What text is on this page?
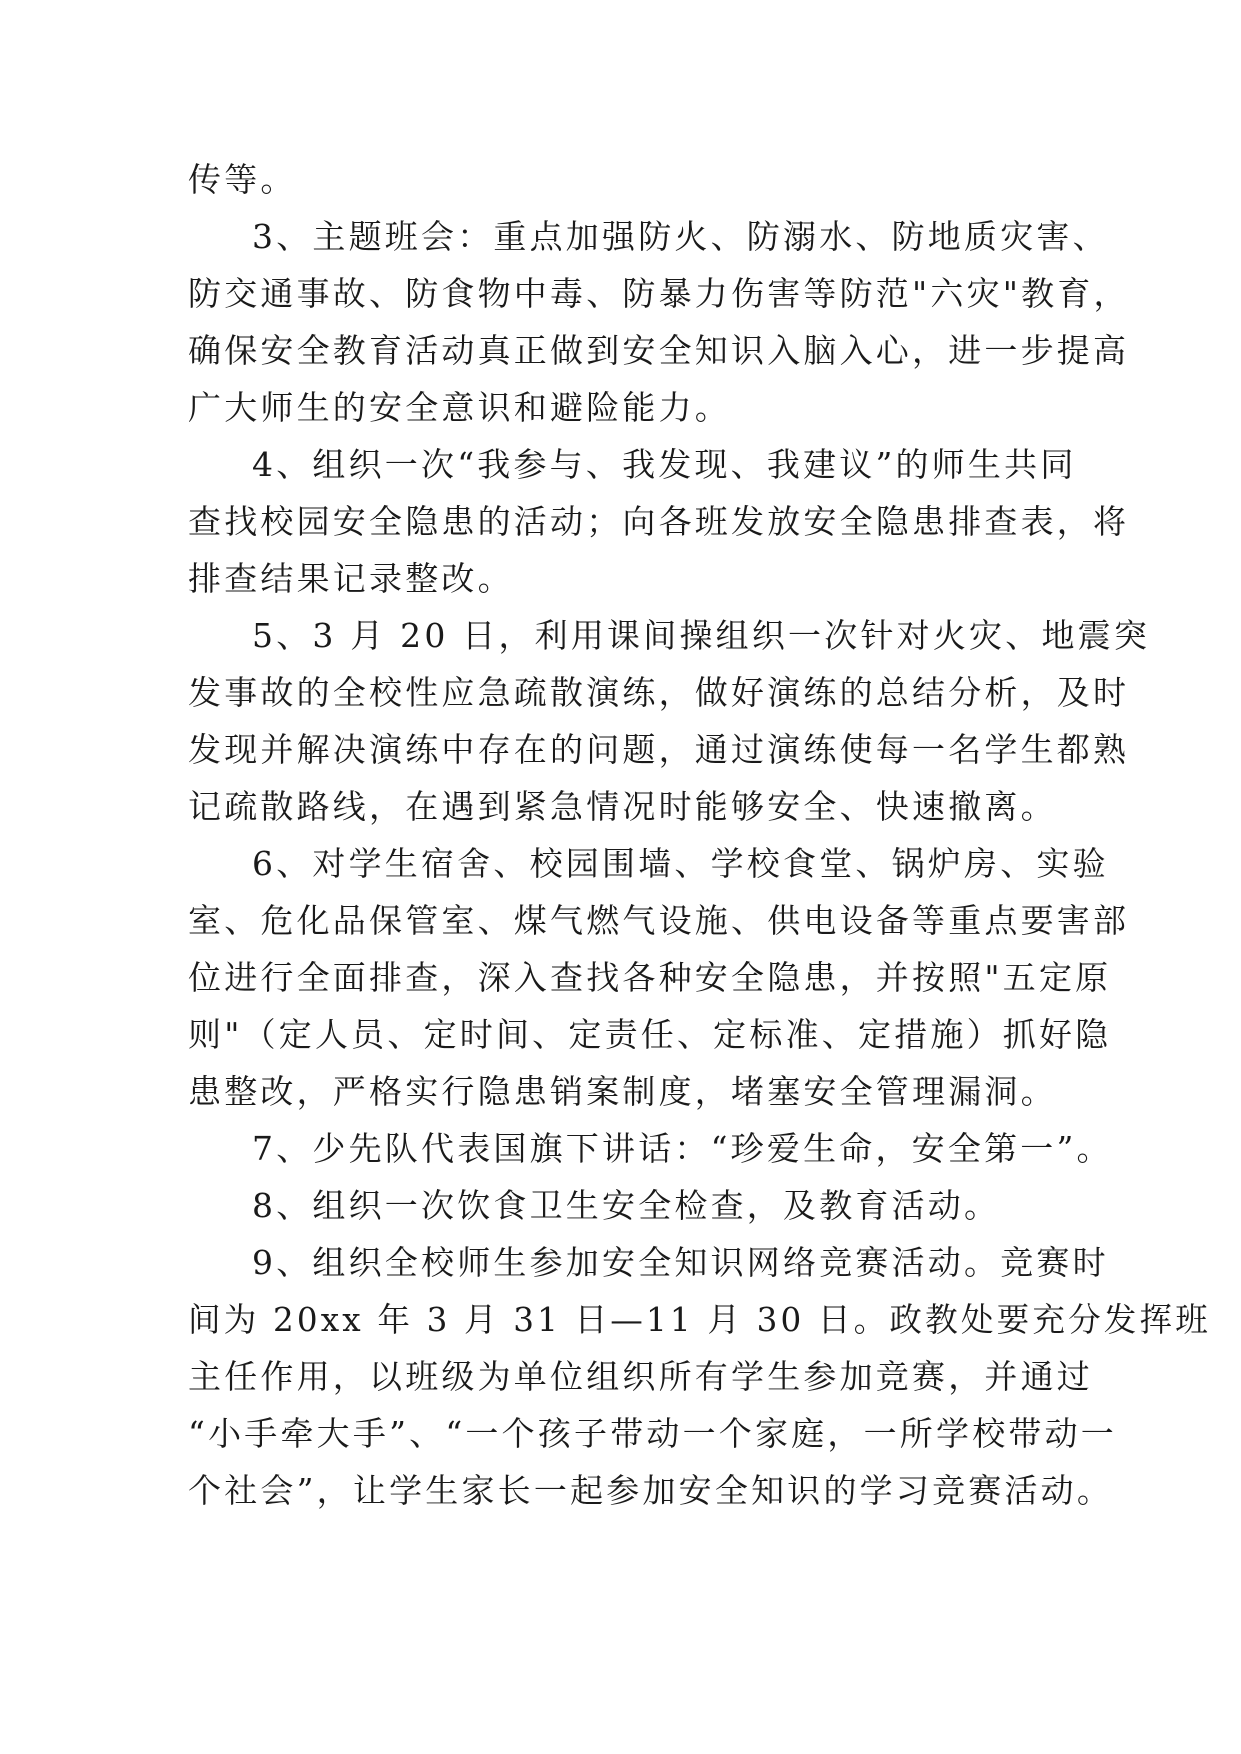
传等。
3、主题班会：重点加强防火、防溺水、防地质灾害、
防交通事故、防食物中毒、防暴力伤害等防范"六灾"教育，
确保安全教育活动真正做到安全知识入脑入心，进一步提高
广大师生的安全意识和避险能力。
4、组织一次“我参与、我发现、我建议”的师生共同
查找校园安全隐患的活动；向各班发放安全隐患排查表，将
排查结果记录整改。
5、3 月 20 日，利用课间操组织一次针对火灾、地震突
发事故的全校性应急疏散演练，做好演练的总结分析，及时
发现并解决演练中存在的问题，通过演练使每一名学生都熟
记疏散路线，在遇到紧急情况时能够安全、快速撤离。
6、对学生宿舍、校园围墙、学校食堂、锅炉房、实验
室、危化品保管室、煤气燃气设施、供电设备等重点要害部
位进行全面排查，深入查找各种安全隐患，并按照"五定原
则"（定人员、定时间、定责任、定标准、定措施）抓好隐
患整改，严格实行隐患销案制度，堵塞安全管理漏洞。
7、少先队代表国旗下讲话：“珍爱生命，安全第一”。
8、组织一次饮食卫生安全检查，及教育活动。
9、组织全校师生参加安全知识网络竞赛活动。竞赛时
间为 20xx 年 3 月 31 日—11 月 30 日。政教处要充分发挥班
主任作用，以班级为单位组织所有学生参加竞赛，并通过
“小手牵大手”、“一个孩子带动一个家庭，一所学校带动一
个社会”，让学生家长一起参加安全知识的学习竞赛活动。
